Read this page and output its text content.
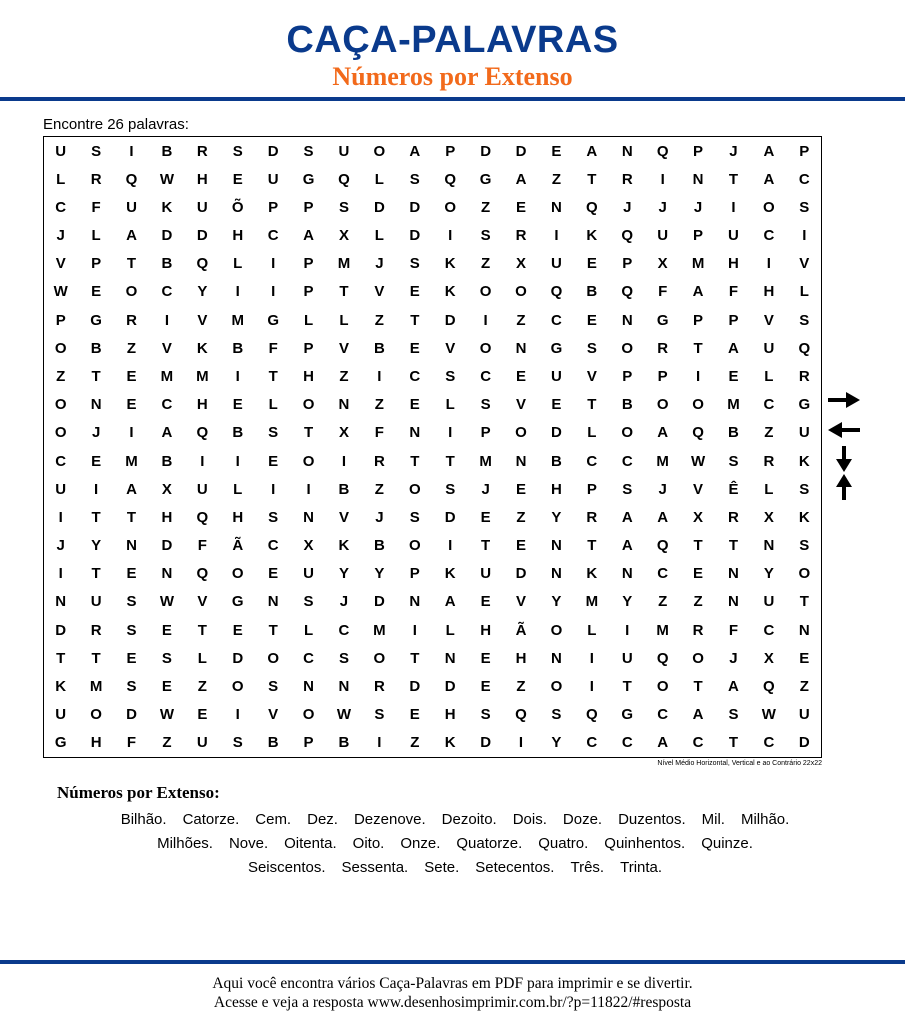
CAÇA-PALAVRAS
Números por Extenso
Encontre 26 palavras:
U	S	I	B	R	S	D	S	U	O	A	P	D	D	E	A	N	Q	P	J	A	P
L	R	Q	W	H	E	U	G	Q	L	S	Q	G	A	Z	T	R	I	N	T	A	C
C	F	U	K	U	Õ	P	P	S	D	D	O	Z	E	N	Q	J	J	J	I	O	S
J	L	A	D	D	H	C	A	X	L	D	I	S	R	I	K	Q	U	P	U	C	I
V	P	T	B	Q	L	I	P	M	J	S	K	Z	X	U	E	P	X	M	H	I	V
W	E	O	C	Y	I	I	P	T	V	E	K	O	O	Q	B	Q	F	A	F	H	L
P	G	R	I	V	M	G	L	L	Z	T	D	I	Z	C	E	N	G	P	P	V	S
O	B	Z	V	K	B	F	P	V	B	E	V	O	N	G	S	O	R	T	A	U	Q
Z	T	E	M	M	I	T	H	Z	I	C	S	C	E	U	V	P	P	I	E	L	R
O	N	E	C	H	E	L	O	N	Z	E	L	S	V	E	T	B	O	O	M	C	G
O	J	I	A	Q	B	S	T	X	F	N	I	P	O	D	L	O	A	Q	B	Z	U
C	E	M	B	I	I	E	O	I	R	T	T	M	N	B	C	C	M	W	S	R	K
U	I	A	X	U	L	I	I	B	Z	O	S	J	E	H	P	S	J	V	Ê	L	S
I	T	T	H	Q	H	S	N	V	J	S	D	E	Z	Y	R	A	A	X	R	X	K
J	Y	N	D	F	Ã	C	X	K	B	O	I	T	E	N	T	A	Q	T	T	N	S
I	T	E	N	Q	O	E	U	Y	Y	P	K	U	D	N	K	N	C	E	N	Y	O
N	U	S	W	V	G	N	S	J	D	N	A	E	V	Y	M	Y	Z	Z	N	U	T
D	R	S	E	T	E	T	L	C	M	I	L	H	Ã	O	L	I	M	R	F	C	N
T	T	E	S	L	D	O	C	S	O	T	N	E	H	N	I	U	Q	O	J	X	E
K	M	S	E	Z	O	S	N	N	R	D	D	E	Z	O	I	T	O	T	A	Q	Z
U	O	D	W	E	I	V	O	W	S	E	H	S	Q	S	Q	G	C	A	S	W	U
G	H	F	Z	U	S	B	P	B	I	Z	K	D	I	Y	C	C	A	C	T	C	D
Nível Médio Horizontal, Vertical e ao Contrário 22x22
Números por Extenso:
Bilhão. Catorze. Cem. Dez. Dezenove. Dezoito. Dois. Doze. Duzentos. Mil. Milhão.
Milhões. Nove. Oitenta. Oito. Onze. Quatorze. Quatro. Quinhentos. Quinze.
Seiscentos. Sessenta. Sete. Setecentos. Três. Trinta.
Aqui você encontra vários Caça-Palavras em PDF para imprimir e se divertir.
Acesse e veja a resposta www.desenhosimprimir.com.br/?p=11822/#resposta
